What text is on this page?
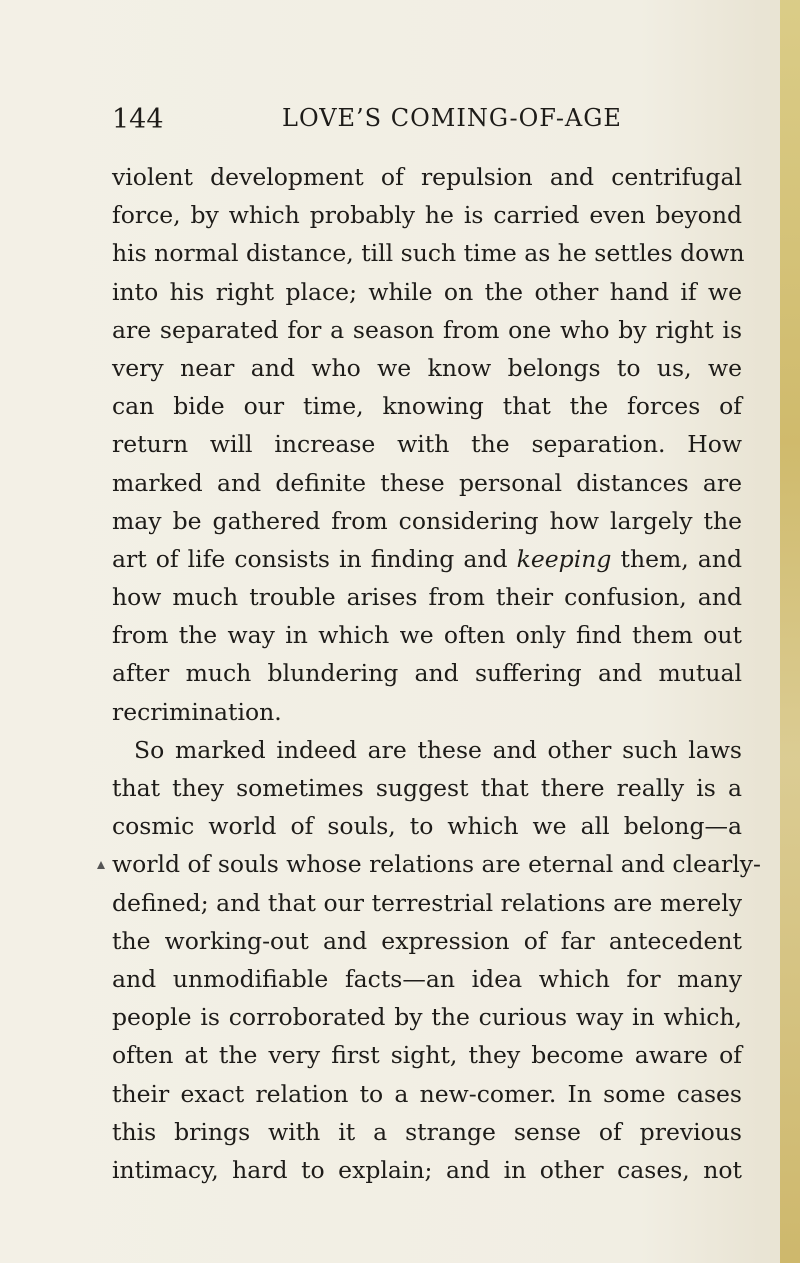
144	LOVE’S COMING-OF-AGE
violent development of repulsion and centrifugal
force, by which probably he is carried even beyond
his normal distance, till such time as he settles down
into his right place; while on the other hand if we
are separated for a season from one who by right is
very near and who we know belongs to us, we
can bide our time, knowing that the forces of
return will increase with the separation. How
marked and definite these personal distances are
may be gathered from considering how largely the
art of life consists in finding and keeping them, and
how much trouble arises from their confusion, and
from the way in which we often only find them out
after much blundering and suffering and mutual
recrimination.
So marked indeed are these and other such laws
that they sometimes suggest that there really is a
cosmic world of souls, to which we all belong—a
world of souls whose relations are eternal and clearly-
defined; and that our terrestrial relations are merely
the working-out and expression of far antecedent
and unmodifiable facts—an idea which for many
people is corroborated by the curious way in which,
often at the very first sight, they become aware of
their exact relation to a new-comer. In some cases
this brings with it a strange sense of previous
intimacy, hard to explain; and in other cases, not
